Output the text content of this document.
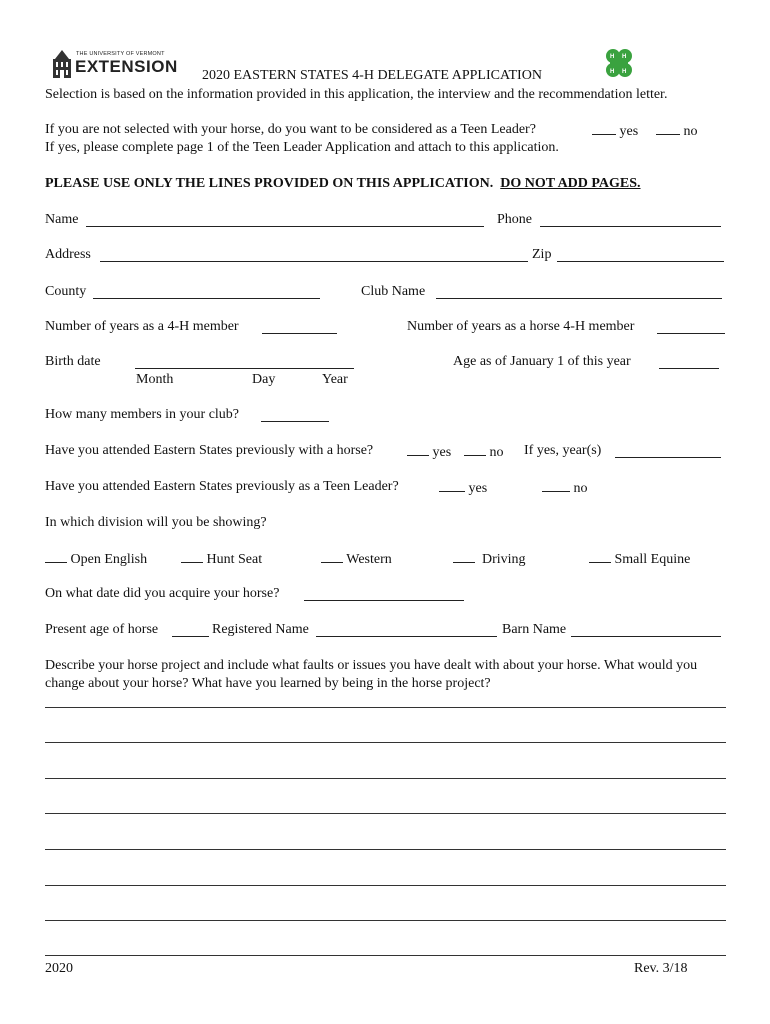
THE UNIVERSITY OF VERMONT
EXTENSION	H H
H H
2020 EASTERN STATES 4-H DELEGATE APPLICATION
Selection is based on the information provided in this application, the interview and the recommendation letter.
If you are not selected with your horse, do you want to be considered as a Teen Leader?	yes	no
If yes, please complete page 1 of the Teen Leader Application and attach to this application.
PLEASE USE ONLY THE LINES PROVIDED ON THIS APPLICATION. DO NOT ADD PAGES.
Name	Phone
Address	Zip
County	Club Name
Number of years as a 4-H member	Number of years as a horse 4-H member
Birth date
Month	Day	Year
Age as of January 1 of this year
How many members in your club?
Have you attended Eastern States previously with a horse?	yes	no If yes, year(s)
Have you attended Eastern States previously as a Teen Leader?	yes	no
In which division will you be showing?
Open English	Hunt Seat	Western	Driving	Small Equine
On what date did you acquire your horse?
Present age of horse	Registered Name	Barn Name
Describe your horse project and include what faults or issues you have dealt with about your horse. What would you change about your horse? What have you learned by being in the horse project?
2020	Rev. 3/18
